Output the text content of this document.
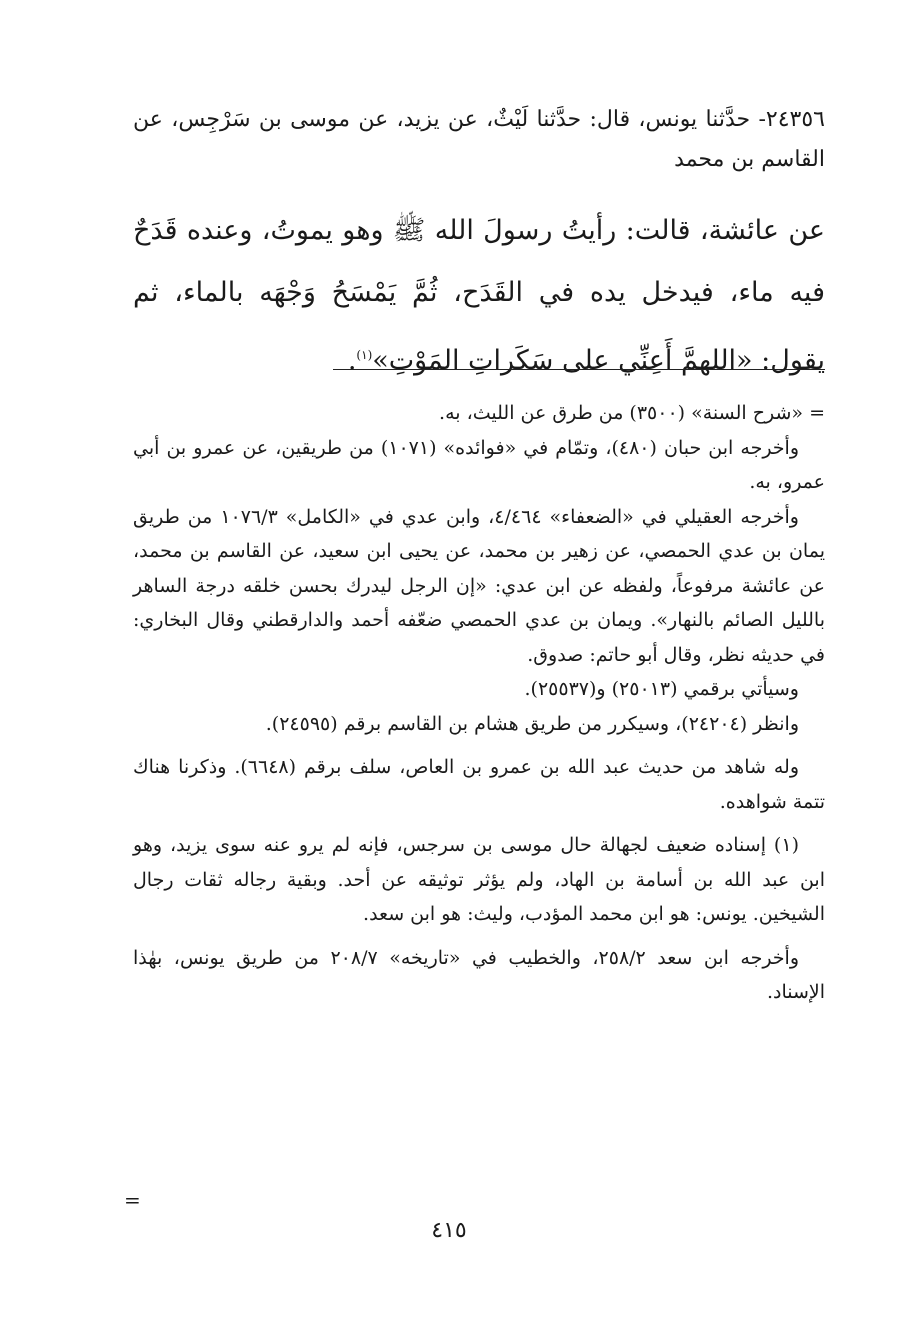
٢٤٣٥٦- حدَّثنا يونس، قال: حدَّثنا لَيْثٌ، عن يزيد، عن موسى بن سَرْجِس، عن القاسم بن محمد
عن عائشة، قالت: رأيتُ رسولَ الله ﷺ وهو يموتُ، وعنده قَدَحٌ فيه ماء، فيدخل يده في القَدَح، ثُمَّ يَمْسَحُ وَجْهَه بالماء، ثم يقول: «اللهمَّ أَعِنِّي على سَكَراتِ المَوْتِ»$^{(١)}$.

= «شرح السنة» (٣٥٠٠) من طرق عن الليث، به.

وأخرجه ابن حبان (٤٨٠)، وتمّام في «فوائده» (١٠٧١) من طريقين، عن عمرو بن أبي عمرو، به.

وأخرجه العقيلي في «الضعفاء» ٤/٤٦٤، وابن عدي في «الكامل» ١٠٧٦/٣ من طريق يمان بن عدي الحمصي، عن زهير بن محمد، عن يحيى ابن سعيد، عن القاسم بن محمد، عن عائشة مرفوعاً، ولفظه عن ابن عدي: «إن الرجل ليدرك بحسن خلقه درجة الساهر بالليل الصائم بالنهار». ويمان بن عدي الحمصي ضعّفه أحمد والدارقطني وقال البخاري: في حديثه نظر، وقال أبو حاتم: صدوق.

وسيأتي برقمي (٢٥٠١٣) و(٢٥٥٣٧).

وانظر (٢٤٢٠٤)، وسيكرر من طريق هشام بن القاسم برقم (٢٤٥٩٥).

وله شاهد من حديث عبد الله بن عمرو بن العاص، سلف برقم (٦٦٤٨). وذكرنا هناك تتمة شواهده.

(١) إسناده ضعيف لجهالة حال موسى بن سرجس، فإنه لم يرو عنه سوى يزيد، وهو ابن عبد الله بن أسامة بن الهاد، ولم يؤثر توثيقه عن أحد. وبقية رجاله ثقات رجال الشيخين. يونس: هو ابن محمد المؤدب، وليث: هو ابن سعد.

وأخرجه ابن سعد ٢٥٨/٢، والخطيب في «تاريخه» ٢٠٨/٧ من طريق يونس، بهٰذا الإسناد.

=
٤١٥
